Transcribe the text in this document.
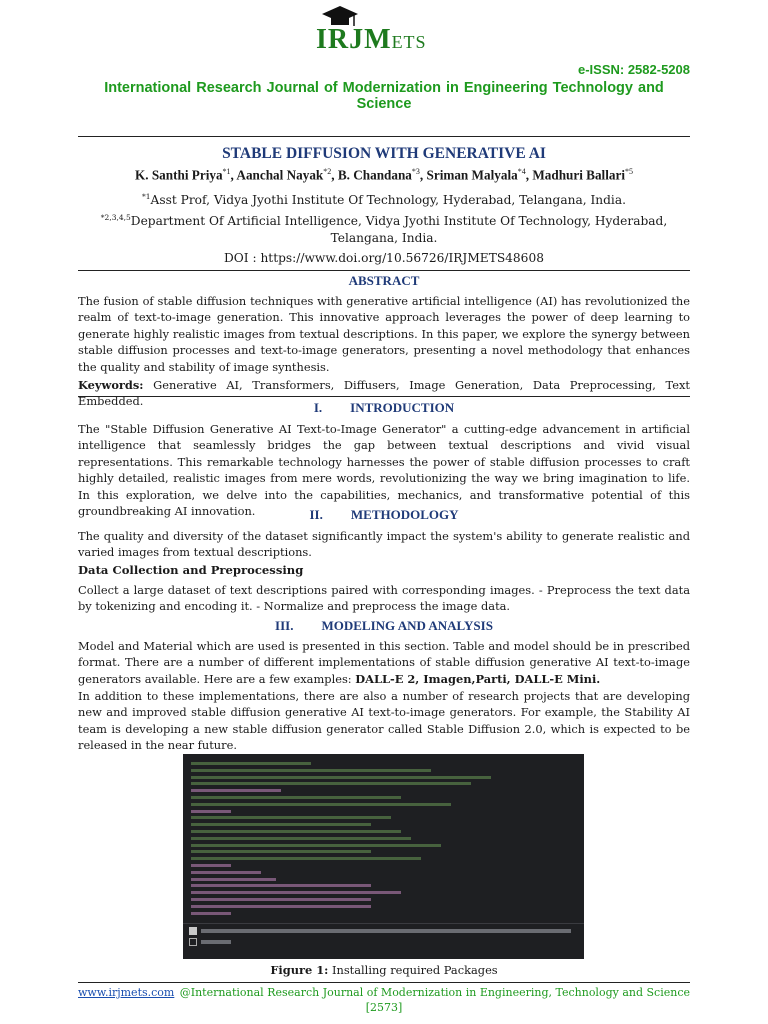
IRJMETS
e-ISSN: 2582-5208
International Research Journal of Modernization in Engineering Technology and Science
STABLE DIFFUSION WITH GENERATIVE AI
K. Santhi Priya$^{*1}$, Aanchal Nayak$^{*2}$, B. Chandana$^{*3}$, Sriman Malyala$^{*4}$, Madhuri Ballari$^{*5}$
$^{*1}$Asst Prof, Vidya Jyothi Institute Of Technology, Hyderabad, Telangana, India.
$^{*2,3,4,5}$Department Of Artificial Intelligence, Vidya Jyothi Institute Of Technology, Hyderabad,
Telangana, India.
DOI : https://www.doi.org/10.56726/IRJMETS48608
ABSTRACT
The fusion of stable diffusion techniques with generative artificial intelligence (AI) has revolutionized the realm of text-to-image generation. This innovative approach leverages the power of deep learning to generate highly realistic images from textual descriptions. In this paper, we explore the synergy between stable diffusion processes and text-to-image generators, presenting a novel methodology that enhances the quality and stability of image synthesis.
Keywords: Generative AI, Transformers, Diffusers, Image Generation, Data Preprocessing, Text Embedded.	I. INTRODUCTION
The "Stable Diffusion Generative AI Text-to-Image Generator" a cutting-edge advancement in artificial intelligence that seamlessly bridges the gap between textual descriptions and vivid visual representations. This remarkable technology harnesses the power of stable diffusion processes to craft highly detailed, realistic images from mere words, revolutionizing the way we bring imagination to life. In this exploration, we delve into the capabilities, mechanics, and transformative potential of this groundbreaking AI innovation.	II. METHODOLOGY
The quality and diversity of the dataset significantly impact the system's ability to generate realistic and varied images from textual descriptions.
Data Collection and Preprocessing
Collect a large dataset of text descriptions paired with corresponding images. - Preprocess the text data by tokenizing and encoding it. - Normalize and preprocess the image data.
III. MODELING AND ANALYSIS
Model and Material which are used is presented in this section. Table and model should be in prescribed format. There are a number of different implementations of stable diffusion generative AI text-to-image generators available. Here are a few examples: DALL-E 2, Imagen,Parti, DALL-E Mini.
In addition to these implementations, there are also a number of research projects that are developing new and improved stable diffusion generative AI text-to-image generators. For example, the Stability AI team is developing a new stable diffusion generator called Stable Diffusion 2.0, which is expected to be released in the near future.
Figure 1: Installing required Packages
www.irjmets.com @International Research Journal of Modernization in Engineering, Technology and Science
[2573]
